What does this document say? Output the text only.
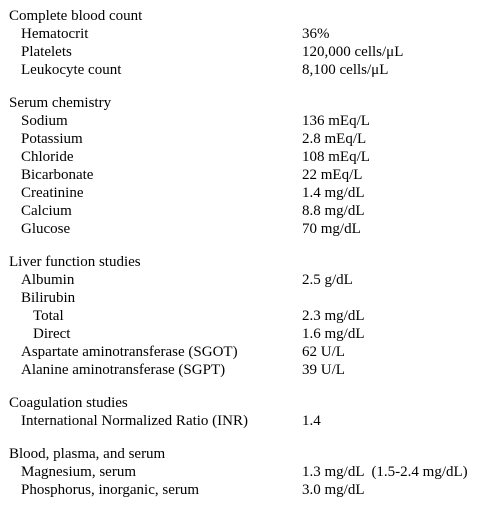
Complete blood count
Hematocrit	36%
Platelets	120,000 cells/μL
Leukocyte count	8,100 cells/μL
Serum chemistry
Sodium	136 mEq/L
Potassium	2.8 mEq/L
Chloride	108 mEq/L
Bicarbonate	22 mEq/L
Creatinine	1.4 mg/dL
Calcium	8.8 mg/dL
Glucose	70 mg/dL
Liver function studies
Albumin	2.5 g/dL
Bilirubin
Total	2.3 mg/dL
Direct	1.6 mg/dL
Aspartate aminotransferase (SGOT)	62 U/L
Alanine aminotransferase (SGPT)	39 U/L
Coagulation studies
International Normalized Ratio (INR)	1.4
Blood, plasma, and serum
Magnesium, serum	1.3 mg/dL  (1.5-2.4 mg/dL)
Phosphorus, inorganic, serum	3.0 mg/dL
